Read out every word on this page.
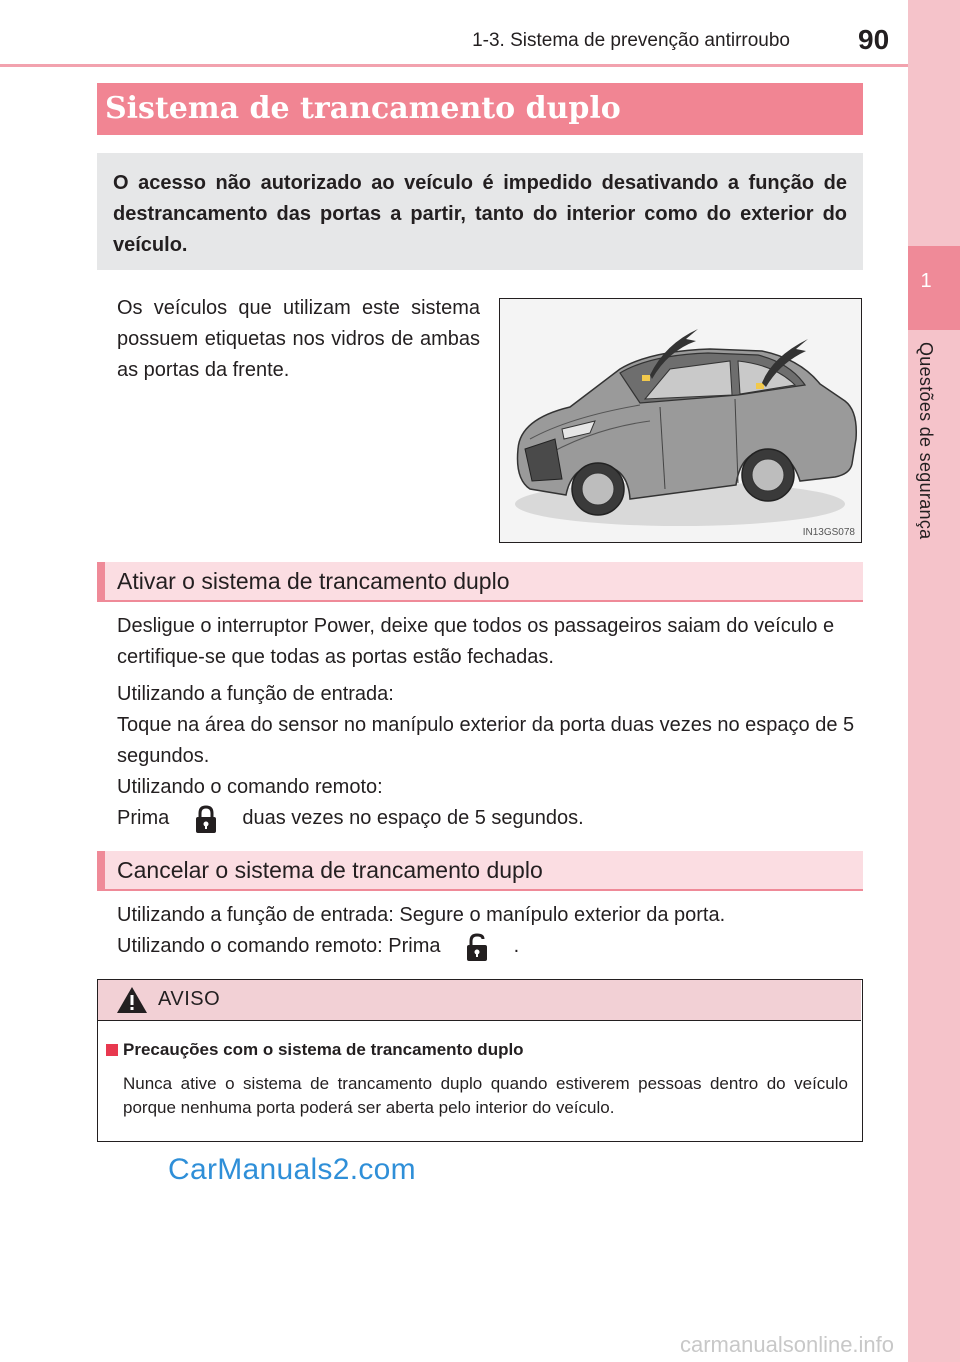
1-3. Sistema de prevenção antirroubo 90
1
Questões de segurança
Sistema de trancamento duplo
O acesso não autorizado ao veículo é impedido desativando a função de destrancamento das portas a partir, tanto do interior como do exterior do veículo.
Os veículos que utilizam este sistema possuem etiquetas nos vidros de ambas as portas da frente.
IN13GS078
Ativar o sistema de trancamento duplo
Desligue o interruptor Power, deixe que todos os passageiros saiam do veículo e certifique-se que todas as portas estão fechadas.
Utilizando a função de entrada:
Toque na área do sensor no manípulo exterior da porta duas vezes no espaço de 5 segundos.
Utilizando o comando remoto:
Prima	duas vezes no espaço de 5 segundos.
Cancelar o sistema de trancamento duplo
Utilizando a função de entrada: Segure o manípulo exterior da porta.
Utilizando o comando remoto: Prima	.
AVISO
Precauções com o sistema de trancamento duplo
Nunca ative o sistema de trancamento duplo quando estiverem pessoas dentro do veículo porque nenhuma porta poderá ser aberta pelo interior do veículo.
CarManuals2.com
carmanualsonline.info
